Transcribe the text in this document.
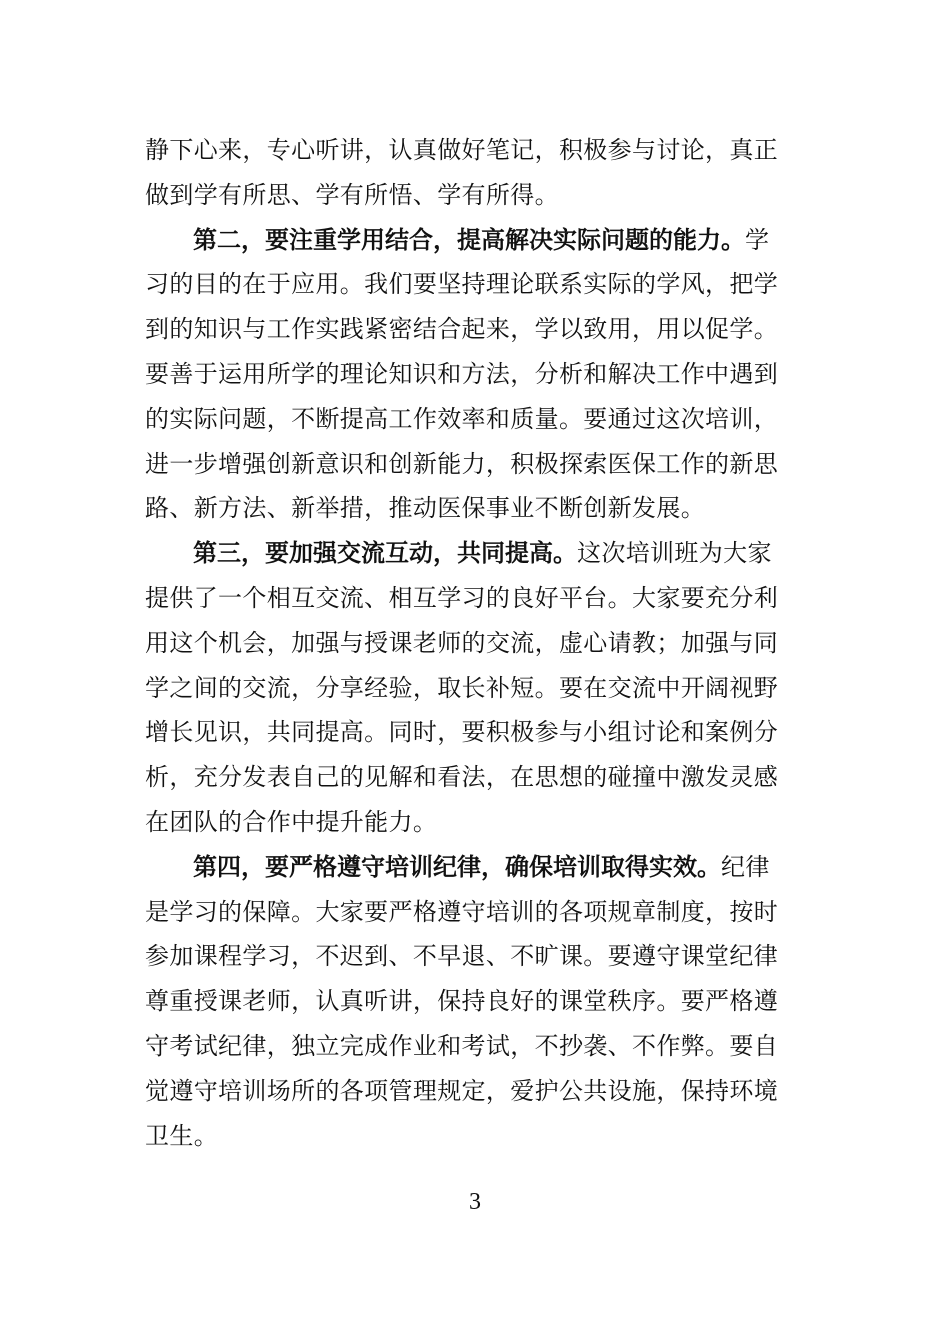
静下心来，专心听讲，认真做好笔记，积极参与讨论，真正
做到学有所思、学有所悟、学有所得。
第二，要注重学用结合，提高解决实际问题的能力。学
习的目的在于应用。我们要坚持理论联系实际的学风，把学
到的知识与工作实践紧密结合起来，学以致用，用以促学。
要善于运用所学的理论知识和方法，分析和解决工作中遇到
的实际问题，不断提高工作效率和质量。要通过这次培训，
进一步增强创新意识和创新能力，积极探索医保工作的新思
路、新方法、新举措，推动医保事业不断创新发展。
第三，要加强交流互动，共同提高。这次培训班为大家
提供了一个相互交流、相互学习的良好平台。大家要充分利
用这个机会，加强与授课老师的交流，虚心请教；加强与同
学之间的交流，分享经验，取长补短。要在交流中开阔视野
增长见识，共同提高。同时，要积极参与小组讨论和案例分
析，充分发表自己的见解和看法，在思想的碰撞中激发灵感
在团队的合作中提升能力。
第四，要严格遵守培训纪律，确保培训取得实效。纪律
是学习的保障。大家要严格遵守培训的各项规章制度，按时
参加课程学习，不迟到、不早退、不旷课。要遵守课堂纪律
尊重授课老师，认真听讲，保持良好的课堂秩序。要严格遵
守考试纪律，独立完成作业和考试，不抄袭、不作弊。要自
觉遵守培训场所的各项管理规定，爱护公共设施，保持环境
卫生。
3
